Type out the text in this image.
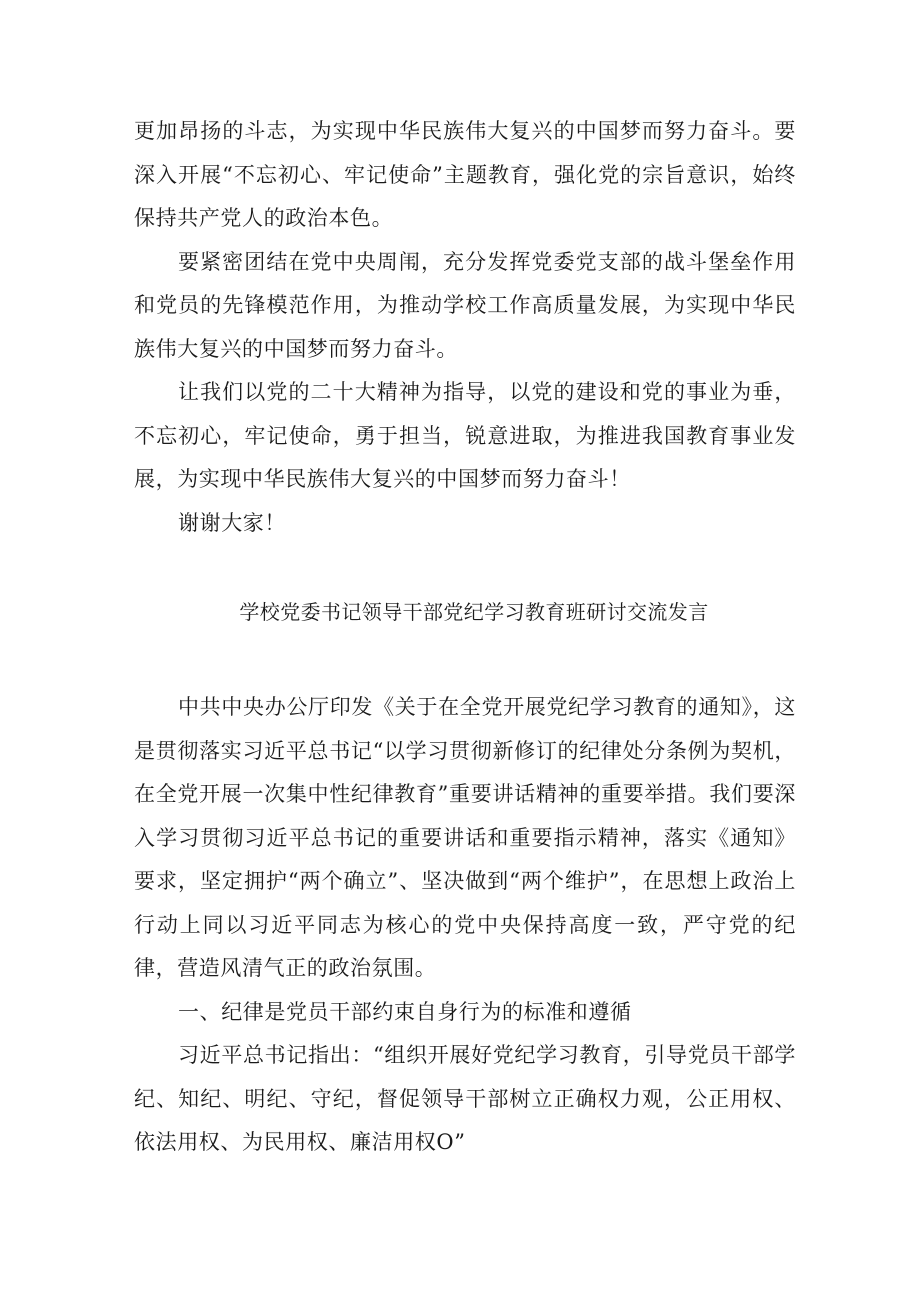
更加昂扬的斗志，为实现中华民族伟大复兴的中国梦而努力奋斗。要深入开展“不忘初心、牢记使命”主题教育，强化党的宗旨意识，始终保持共产党人的政治本色。

要紧密团结在党中央周闱，充分发挥党委党支部的战斗堡垒作用和党员的先锋模范作用，为推动学校工作高质量发展，为实现中华民族伟大复兴的中国梦而努力奋斗。

让我们以党的二十大精神为指导，以党的建设和党的事业为垂，不忘初心，牢记使命，勇于担当，锐意进取，为推进我国教育事业发展，为实现中华民族伟大复兴的中国梦而努力奋斗！

谢谢大家！

学校党委书记领导干部党纪学习教育班研讨交流发言

中共中央办公厅印发《关于在全党开展党纪学习教育的通知》，这是贯彻落实习近平总书记“以学习贯彻新修订的纪律处分条例为契机，在全党开展一次集中性纪律教育”重要讲话精神的重要举措。我们要深入学习贯彻习近平总书记的重要讲话和重要指示精神，落实《通知》要求，坚定拥护“两个确立”、坚决做到“两个维护”，在思想上政治上行动上同以习近平同志为核心的党中央保持高度一致，严守党的纪律，营造风清气正的政治氛围。

一、纪律是党员干部约束自身行为的标准和遵循

习近平总书记指出：“组织开展好党纪学习教育，引导党员干部学纪、知纪、明纪、守纪，督促领导干部树立正确权力观，公正用权、依法用权、为民用权、廉洁用权O”
